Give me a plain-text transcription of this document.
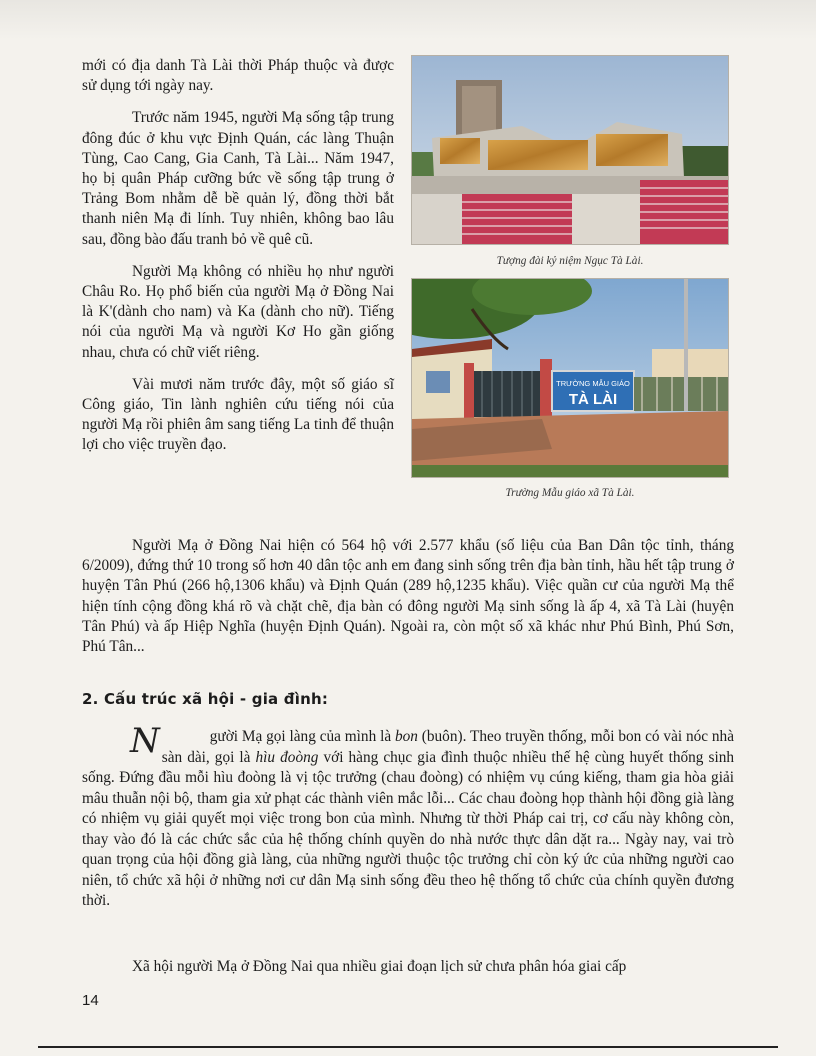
mới có địa danh Tà Lài thời Pháp thuộc và được sử dụng tới ngày nay.

Trước năm 1945, người Mạ sống tập trung đông đúc ở khu vực Định Quán, các làng Thuận Tùng, Cao Cang, Gia Canh, Tà Lài... Năm 1947, họ bị quân Pháp cưỡng bức về sống tập trung ở Trảng Bom nhằm dễ bề quản lý, đồng thời bắt thanh niên Mạ đi lính. Tuy nhiên, không bao lâu sau, đồng bào đấu tranh bỏ về quê cũ.

Người Mạ không có nhiều họ như người Châu Ro. Họ phổ biến của người Mạ ở Đồng Nai là K'(dành cho nam) và Ka (dành cho nữ). Tiếng nói của người Mạ và người Kơ Ho gần giống nhau, chưa có chữ viết riêng.

Vài mươi năm trước đây, một số giáo sĩ Công giáo, Tin lành nghiên cứu tiếng nói của người Mạ rồi phiên âm sang tiếng La tinh để thuận lợi cho việc truyền đạo.

Tượng đài kỷ niệm Ngục Tà Lài.
TRƯỜNG MẪU GIÁO
TÀ LÀI
Trường Mẫu giáo xã Tà Lài.

Người Mạ ở Đồng Nai hiện có 564 hộ với 2.577 khẩu (số liệu của Ban Dân tộc tỉnh, tháng 6/2009), đứng thứ 10 trong số hơn 40 dân tộc anh em đang sinh sống trên địa bàn tỉnh, hầu hết tập trung ở huyện Tân Phú (266 hộ,1306 khẩu) và Định Quán (289 hộ,1235 khẩu). Việc quần cư của người Mạ thể hiện tính cộng đồng khá rõ và chặt chẽ, địa bàn có đông người Mạ sinh sống là ấp 4, xã Tà Lài (huyện Tân Phú) và ấp Hiệp Nghĩa (huyện Định Quán). Ngoài ra, còn một số xã khác như Phú Bình, Phú Sơn, Phú Tân...

2. Cấu trúc xã hội - gia đình:

N	gười Mạ gọi làng của mình là bon (buôn). Theo truyền thống, mỗi bon có vài nóc nhà sàn dài, gọi là hìu đoòng với hàng chục gia đình thuộc nhiều thế hệ cùng huyết thống sinh sống. Đứng đầu mỗi hìu đoòng là vị tộc trưởng (chau đoòng) có nhiệm vụ cúng kiếng, tham gia hòa giải mâu thuẫn nội bộ, tham gia xử phạt các thành viên mắc lỗi... Các chau đoòng họp thành hội đồng già làng có nhiệm vụ giải quyết mọi việc trong bon của mình. Nhưng từ thời Pháp cai trị, cơ cấu này không còn, thay vào đó là các chức sắc của hệ thống chính quyền do nhà nước thực dân dặt ra... Ngày nay, vai trò quan trọng của hội đồng già làng, của những người thuộc tộc trưởng chỉ còn ký ức của những người cao niên, tổ chức xã hội ở những nơi cư dân Mạ sinh sống đều theo hệ thống tổ chức của chính quyền đương thời.

Xã hội người Mạ ở Đồng Nai qua nhiều giai đoạn lịch sử chưa phân hóa giai cấp

14
